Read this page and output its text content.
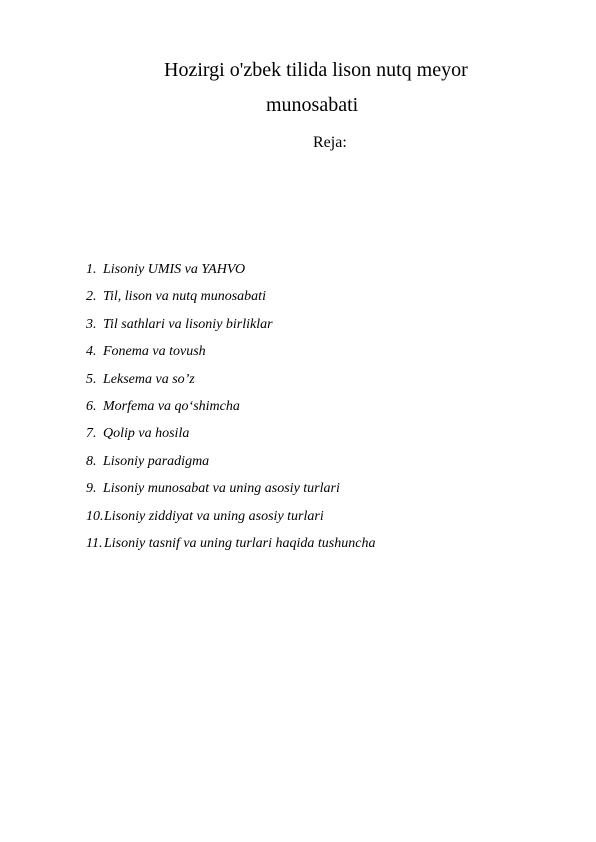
Hozirgi o'zbek tilida lison nutq meyor
munosabati
Reja:
1. Lisoniy UMIS va YAHVO
2. Til, lison va nutq munosabati
3. Til sathlari va lisoniy birliklar
4. Fonema va tovush
5. Leksema va so’z
6. Morfema va qo‘shimcha
7. Qolip va hosila
8. Lisoniy paradigma
9. Lisoniy munosabat va uning asosiy turlari
10. Lisoniy ziddiyat va uning asosiy turlari
11. Lisoniy tasnif va uning turlari haqida tushuncha
